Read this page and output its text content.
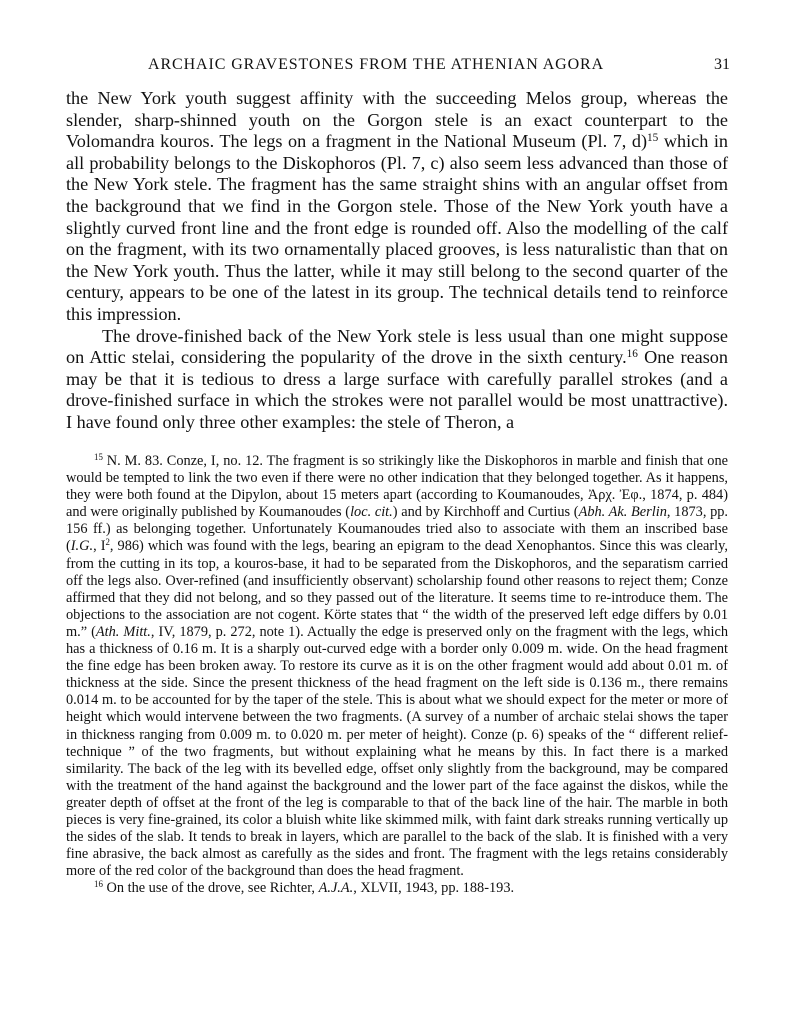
ARCHAIC GRAVESTONES FROM THE ATHENIAN AGORA	31

the New York youth suggest affinity with the succeeding Melos group, whereas the slender, sharp-shinned youth on the Gorgon stele is an exact counterpart to the Volomandra kouros. The legs on a fragment in the National Museum (Pl. 7, d)$^{15}$ which in all probability belongs to the Diskophoros (Pl. 7, c) also seem less advanced than those of the New York stele. The fragment has the same straight shins with an angular offset from the background that we find in the Gorgon stele. Those of the New York youth have a slightly curved front line and the front edge is rounded off. Also the modelling of the calf on the fragment, with its two ornamentally placed grooves, is less naturalistic than that on the New York youth. Thus the latter, while it may still belong to the second quarter of the century, appears to be one of the latest in its group. The technical details tend to reinforce this impression.

The drove-finished back of the New York stele is less usual than one might suppose on Attic stelai, considering the popularity of the drove in the sixth century.$^{16}$ One reason may be that it is tedious to dress a large surface with carefully parallel strokes (and a drove-finished surface in which the strokes were not parallel would be most unattractive). I have found only three other examples: the stele of Theron, a

$^{15}$ N. M. 83. Conze, I, no. 12. The fragment is so strikingly like the Diskophoros in marble and finish that one would be tempted to link the two even if there were no other indication that they belonged together. As it happens, they were both found at the Dipylon, about 15 meters apart (according to Koumanoudes, Ἀρχ. Ἐφ., 1874, p. 484) and were originally published by Koumanoudes (loc. cit.) and by Kirchhoff and Curtius (Abh. Ak. Berlin, 1873, pp. 156 ff.) as belonging together. Unfortunately Koumanoudes tried also to associate with them an inscribed base (I.G., $I^2$, 986) which was found with the legs, bearing an epigram to the dead Xenophantos. Since this was clearly, from the cutting in its top, a kouros-base, it had to be separated from the Diskophoros, and the separatism carried off the legs also. Over-refined (and insufficiently observant) scholarship found other reasons to reject them; Conze affirmed that they did not belong, and so they passed out of the literature. It seems time to re-introduce them. The objections to the association are not cogent. Körte states that “ the width of the preserved left edge differs by 0.01 m.” (Ath. Mitt., IV, 1879, p. 272, note 1). Actually the edge is preserved only on the fragment with the legs, which has a thickness of 0.16 m. It is a sharply out-curved edge with a border only 0.009 m. wide. On the head fragment the fine edge has been broken away. To restore its curve as it is on the other fragment would add about 0.01 m. of thickness at the side. Since the present thickness of the head fragment on the left side is 0.136 m., there remains 0.014 m. to be accounted for by the taper of the stele. This is about what we should expect for the meter or more of height which would intervene between the two fragments. (A survey of a number of archaic stelai shows the taper in thickness ranging from 0.009 m. to 0.020 m. per meter of height). Conze (p. 6) speaks of the “ different relief-technique ” of the two fragments, but without explaining what he means by this. In fact there is a marked similarity. The back of the leg with its bevelled edge, offset only slightly from the background, may be compared with the treatment of the hand against the background and the lower part of the face against the diskos, while the greater depth of offset at the front of the leg is comparable to that of the back line of the hair. The marble in both pieces is very fine-grained, its color a bluish white like skimmed milk, with faint dark streaks running vertically up the sides of the slab. It tends to break in layers, which are parallel to the back of the slab. It is finished with a very fine abrasive, the back almost as carefully as the sides and front. The fragment with the legs retains considerably more of the red color of the background than does the head fragment.

$^{16}$ On the use of the drove, see Richter, A.J.A., XLVII, 1943, pp. 188-193.
